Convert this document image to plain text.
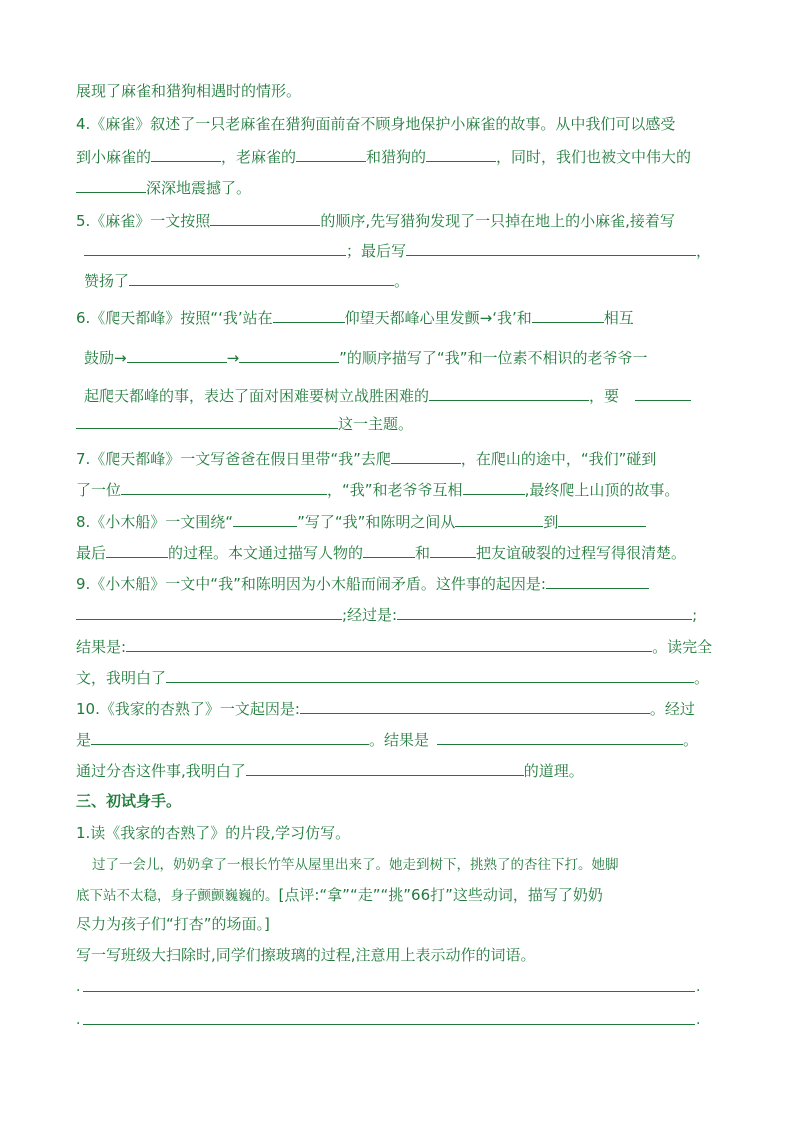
展现了麻雀和猎狗相遇时的情形。
4.《麻雀》叙述了一只老麻雀在猎狗面前奋不顾身地保护小麻雀的故事。从中我们可以感受
到小麻雀的	，老麻雀的	和猎狗的	，同时，我们也被文中伟大的
深深地震撼了。
5.《麻雀》一文按照	的顺序,先写猎狗发现了一只掉在地上的小麻雀,接着写
；最后写	，
赞扬了	。
6.《爬天都峰》按照“‘我’站在	仰望天都峰心里发颤→‘我’和	相互
鼓励→	→	”的顺序描写了“我”和一位素不相识的老爷爷一
起爬天都峰的事，表达了面对困难要树立战胜困难的	，要
这一主题。
7.《爬天都峰》一文写爸爸在假日里带“我”去爬	，在爬山的途中，“我们”碰到
了一位	，“我”和老爷爷互相	,最终爬上山顶的故事。
8.《小木船》一文围绕“	”写了“我”和陈明之间从	到
最后	的过程。本文通过描写人物的	和	把友谊破裂的过程写得很清楚。
9.《小木船》一文中“我”和陈明因为小木船而闹矛盾。这件事的起因是:
;经过是:	;
结果是:	。读完全
文，我明白了	。
10.《我家的杏熟了》一文起因是:	。经过
是	。结果是	。
通过分杏这件事,我明白了	的道理。
三、初试身手。
1.读《我家的杏熟了》的片段,学习仿写。
过了一会儿，奶奶拿了一根长竹竿从屋里出来了。她走到树下，挑熟了的杏往下打。她脚
底下站不太稳，身子颤颤巍巍的。[点评:“拿”“走”“挑”66打”这些动词，描写了奶奶
尽力为孩子们“打杏”的场面。]
写一写班级大扫除时,同学们擦玻璃的过程,注意用上表示动作的词语。
.	.
.	.
